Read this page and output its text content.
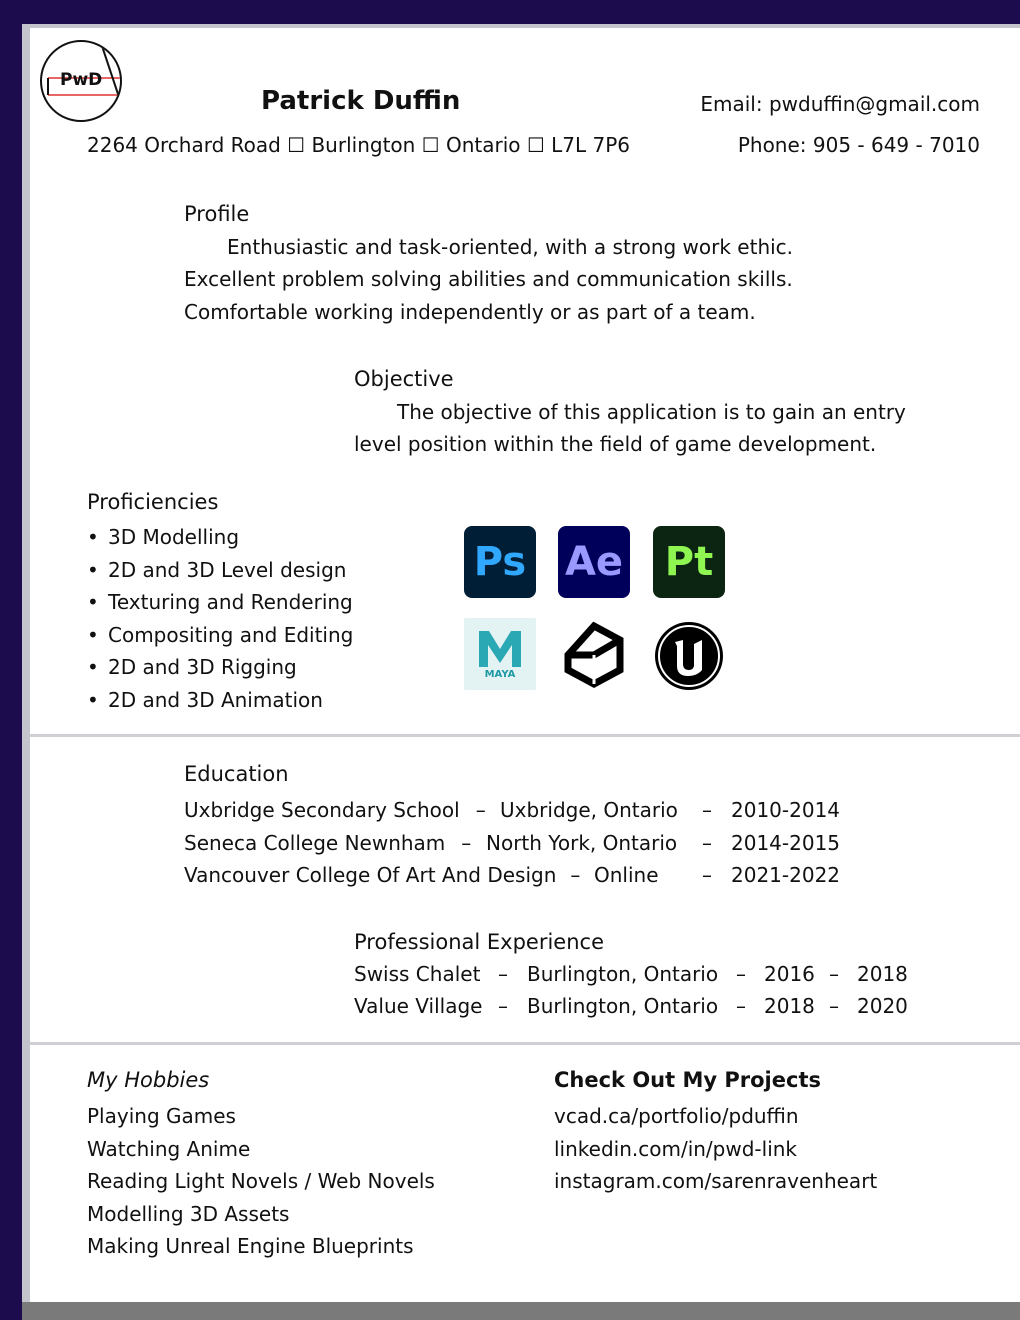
PwD
Patrick Duffin	Email: pwduffin@gmail.com
2264 Orchard Road ☐ Burlington ☐ Ontario ☐ L7L 7P6	Phone: 905 - 649 - 7010
Profile
Enthusiastic and task-oriented, with a strong work ethic.
Excellent problem solving abilities and communication skills.
Comfortable working independently or as part of a team.
Objective
The objective of this application is to gain an entry
level position within the field of game development.
Proficiencies
• 3D Modelling
• 2D and 3D Level design
• Texturing and Rendering
• Compositing and Editing
• 2D and 3D Rigging
• 2D and 3D Animation
Ps Ae Pt
MAYA
Education
Uxbridge Secondary School – Uxbridge, Ontario – 2010-2014
Seneca College Newnham – North York, Ontario – 2014-2015
Vancouver College Of Art And Design – Online – 2021-2022
Professional Experience
Swiss Chalet – Burlington, Ontario – 2016 – 2018
Value Village – Burlington, Ontario – 2018 – 2020
My Hobbies
Playing Games
Watching Anime
Reading Light Novels / Web Novels
Modelling 3D Assets
Making Unreal Engine Blueprints
Check Out My Projects
vcad.ca/portfolio/pduffin
linkedin.com/in/pwd-link
instagram.com/sarenravenheart
